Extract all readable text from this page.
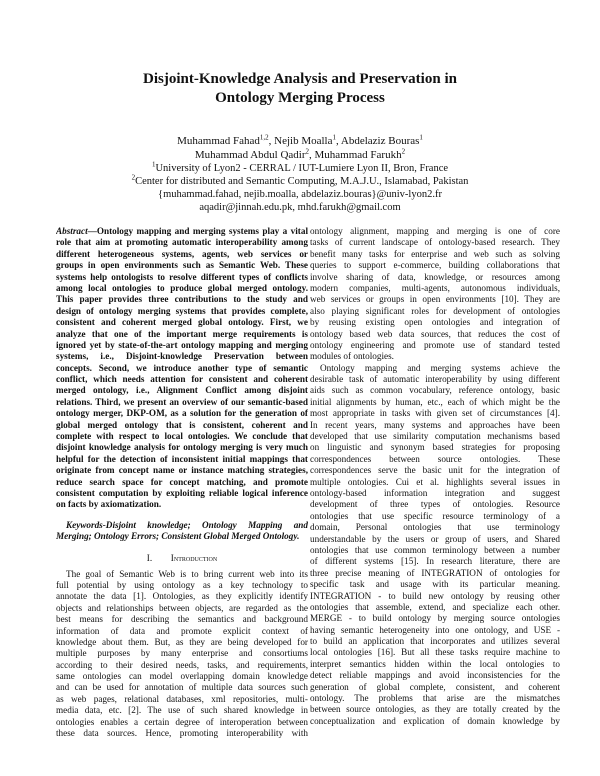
Disjoint-Knowledge Analysis and Preservation in
Ontology Merging Process
Muhammad Fahad$^{1,2}$, Nejib Moalla$^1$, Abdelaziz Bouras$^1$
Muhammad Abdul Qadir$^2$, Muhammad Farukh$^2$
$^1$University of Lyon2 - CERRAL / IUT-Lumiere Lyon II, Bron, France
$^2$Center for distributed and Semantic Computing, M.A.J.U., Islamabad, Pakistan
{muhammad.fahad, nejib.moalla, abdelaziz.bouras}@univ-lyon2.fr
aqadir@jinnah.edu.pk, mhd.farukh@gmail.com
Abstract—Ontology mapping and merging systems play a vital
role that aim at promoting automatic interoperability among
different heterogeneous systems, agents, web services or
groups in open environments such as Semantic Web. These
systems help ontologists to resolve different types of conflicts
among local ontologies to produce global merged ontology.
This paper provides three contributions to the study and
design of ontology merging systems that provides complete,
consistent and coherent merged global ontology. First, we
analyze that one of the important merge requirements is
ignored yet by state-of-the-art ontology mapping and merging
systems, i.e., Disjoint-knowledge Preservation between
concepts. Second, we introduce another type of semantic
conflict, which needs attention for consistent and coherent
merged ontology, i.e., Alignment Conflict among disjoint
relations. Third, we present an overview of our semantic-based
ontology merger, DKP-OM, as a solution for the generation of
global merged ontology that is consistent, coherent and
complete with respect to local ontologies. We conclude that
disjoint knowledge analysis for ontology merging is very much
helpful for the detection of inconsistent initial mappings that
originate from concept name or instance matching strategies,
reduce search space for concept matching, and promote
consistent computation by exploiting reliable logical inference
on facts by axiomatization.
Keywords-Disjoint knowledge; Ontology Mapping and
Merging; Ontology Errors; Consistent Global Merged Ontology.
I. Introduction
The goal of Semantic Web is to bring current web into its
full potential by using ontology as a key technology to
annotate the data [1]. Ontologies, as they explicitly identify
objects and relationships between objects, are regarded as the
best means for describing the semantics and background
information of data and promote explicit context of
knowledge about them. But, as they are being developed for
multiple purposes by many enterprise and consortiums
according to their desired needs, tasks, and requirements,
same ontologies can model overlapping domain knowledge
and can be used for annotation of multiple data sources such
as web pages, relational databases, xml repositories, multi-
media data, etc. [2]. The use of such shared knowledge in
ontologies enables a certain degree of interoperation between
these data sources. Hence, promoting interoperability with
ontology alignment, mapping and merging is one of core
tasks of current landscape of ontology-based research. They
benefit many tasks for enterprise and web such as solving
queries to support e-commerce, building collaborations that
involve sharing of data, knowledge, or resources among
modern companies, multi-agents, autonomous individuals,
web services or groups in open environments [10]. They are
also playing significant roles for development of ontologies
by reusing existing open ontologies and integration of
ontology based web data sources, that reduces the cost of
ontology engineering and promote use of standard tested
modules of ontologies.
Ontology mapping and merging systems achieve the
desirable task of automatic interoperability by using different
aids such as common vocabulary, reference ontology, basic
initial alignments by human, etc., each of which might be the
most appropriate in tasks with given set of circumstances [4].
In recent years, many systems and approaches have been
developed that use similarity computation mechanisms based
on linguistic and synonym based strategies for proposing
correspondences between source ontologies. These
correspondences serve the basic unit for the integration of
multiple ontologies. Cui et al. highlights several issues in
ontology-based information integration and suggest
development of three types of ontologies. Resource
ontologies that use specific resource terminology of a
domain, Personal ontologies that use terminology
understandable by the users or group of users, and Shared
ontologies that use common terminology between a number
of different systems [15]. In research literature, there are
three precise meaning of INTEGRATION of ontologies for
specific task and usage with its particular meaning.
INTEGRATION - to build new ontology by reusing other
ontologies that assemble, extend, and specialize each other.
MERGE - to build ontology by merging source ontologies
having semantic heterogeneity into one ontology, and USE -
to build an application that incorporates and utilizes several
local ontologies [16]. But all these tasks require machine to
interpret semantics hidden within the local ontologies to
detect reliable mappings and avoid inconsistencies for the
generation of global complete, consistent, and coherent
ontology. The problems that arise are the mismatches
between source ontologies, as they are totally created by the
conceptualization and explication of domain knowledge by
